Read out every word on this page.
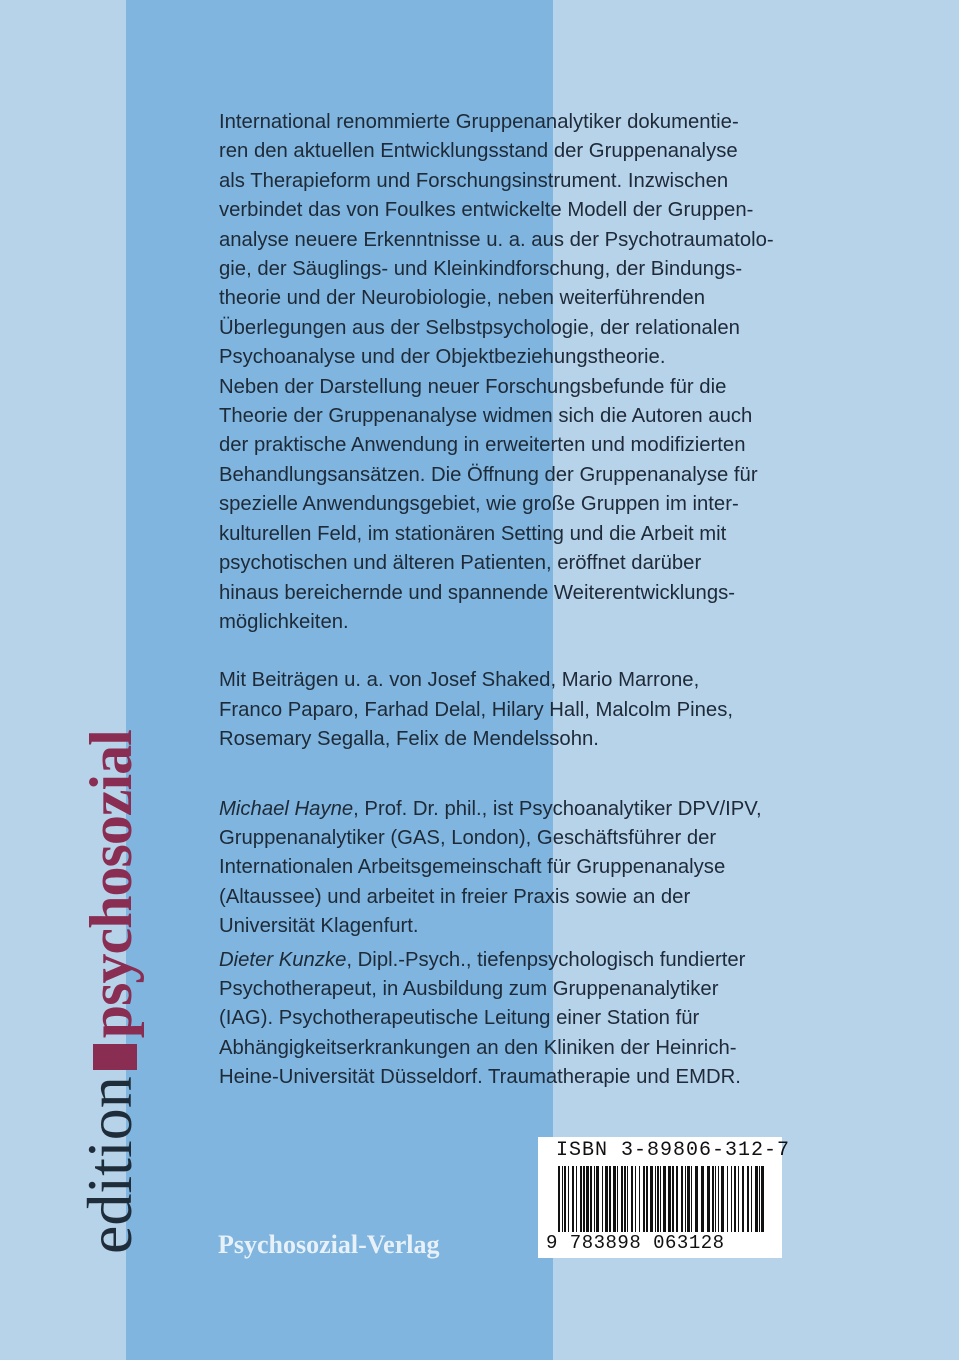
International renommierte Gruppenanalytiker dokumentie-
ren den aktuellen Entwicklungsstand der Gruppenanalyse
als Therapieform und Forschungsinstrument. Inzwischen
verbindet das von Foulkes entwickelte Modell der Gruppen-
analyse neuere Erkenntnisse u. a. aus der Psychotraumatolo-
gie, der Säuglings- und Kleinkindforschung, der Bindungs-
theorie und der Neurobiologie, neben weiterführenden
Überlegungen aus der Selbstpsychologie, der relationalen
Psychoanalyse und der Objektbeziehungstheorie.
Neben der Darstellung neuer Forschungsbefunde für die
Theorie der Gruppenanalyse widmen sich die Autoren auch
der praktische Anwendung in erweiterten und modifizierten
Behandlungsansätzen. Die Öffnung der Gruppenanalyse für
spezielle Anwendungsgebiet, wie große Gruppen im inter-
kulturellen Feld, im stationären Setting und die Arbeit mit
psychotischen und älteren Patienten, eröffnet darüber
hinaus bereichernde und spannende Weiterentwicklungs-
möglichkeiten.
Mit Beiträgen u. a. von Josef Shaked, Mario Marrone,
Franco Paparo, Farhad Delal, Hilary Hall, Malcolm Pines,
Rosemary Segalla, Felix de Mendelssohn.
Michael Hayne, Prof. Dr. phil., ist Psychoanalytiker DPV/IPV,
Gruppenanalytiker (GAS, London), Geschäftsführer der
Internationalen Arbeitsgemeinschaft für Gruppenanalyse
(Altaussee) und arbeitet in freier Praxis sowie an der
Universität Klagenfurt.
Dieter Kunzke, Dipl.-Psych., tiefenpsychologisch fundierter
Psychotherapeut, in Ausbildung zum Gruppenanalytiker
(IAG). Psychotherapeutische Leitung einer Station für
Abhängigkeitserkrankungen an den Kliniken der Heinrich-
Heine-Universität Düsseldorf. Traumatherapie und EMDR.
edition
psychosozial
Psychosozial-Verlag
ISBN 3-89806-312-7
9 783898 063128
